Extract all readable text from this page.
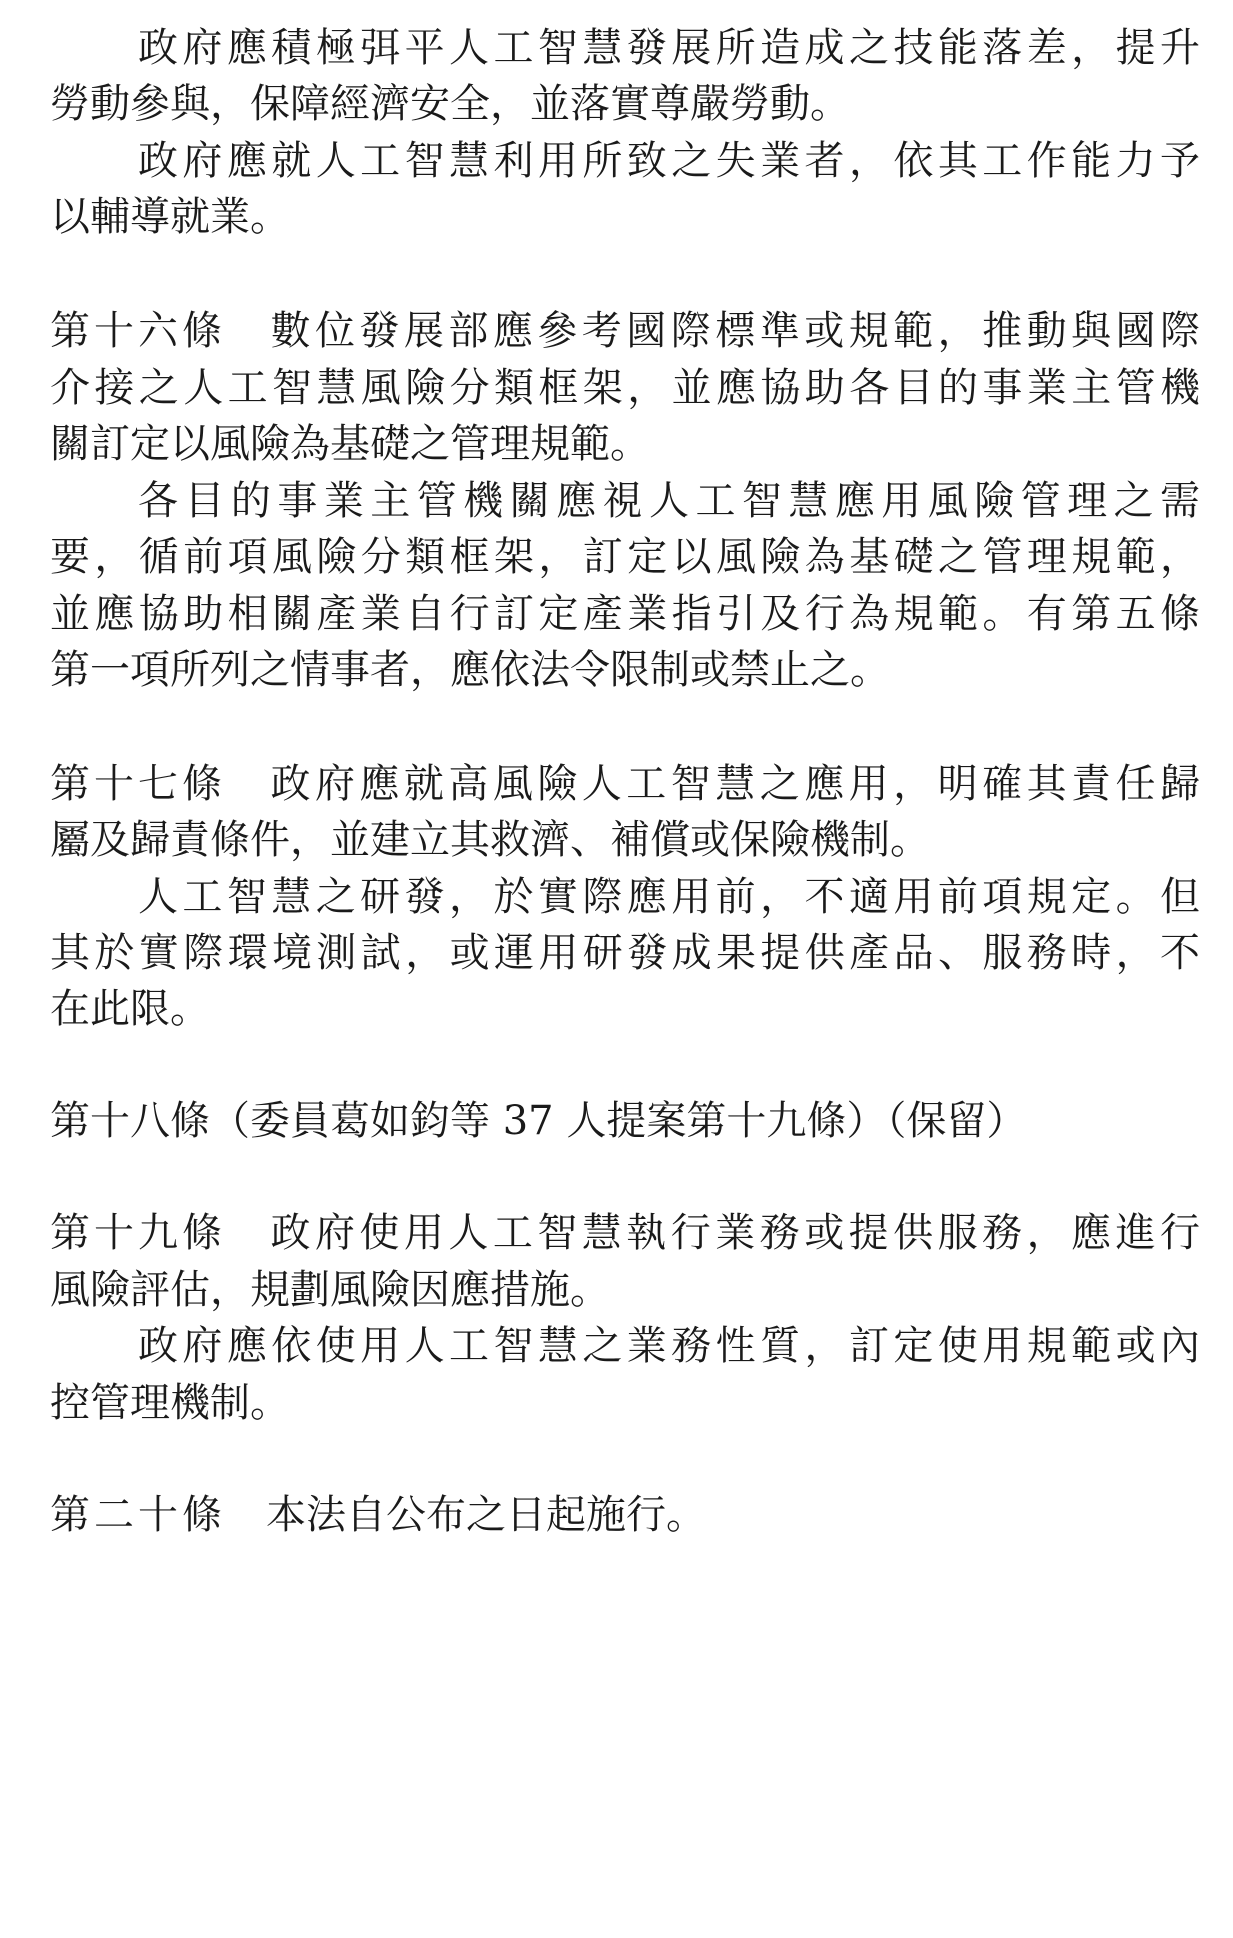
政府應積極弭平人工智慧發展所造成之技能落差，提升
勞動參與，保障經濟安全，並落實尊嚴勞動。
政府應就人工智慧利用所致之失業者，依其工作能力予
以輔導就業。
第十六條 數位發展部應參考國際標準或規範，推動與國際
介接之人工智慧風險分類框架，並應協助各目的事業主管機
關訂定以風險為基礎之管理規範。
各目的事業主管機關應視人工智慧應用風險管理之需
要，循前項風險分類框架，訂定以風險為基礎之管理規範，
並應協助相關產業自行訂定產業指引及行為規範。有第五條
第一項所列之情事者，應依法令限制或禁止之。
第十七條 政府應就高風險人工智慧之應用，明確其責任歸
屬及歸責條件，並建立其救濟、補償或保險機制。
人工智慧之研發，於實際應用前，不適用前項規定。但
其於實際環境測試，或運用研發成果提供產品、服務時，不
在此限。
第十八條（委員葛如鈞等 37 人提案第十九條）（保留）
第十九條 政府使用人工智慧執行業務或提供服務，應進行
風險評估，規劃風險因應措施。
政府應依使用人工智慧之業務性質，訂定使用規範或內
控管理機制。
第二十條 本法自公布之日起施行。
